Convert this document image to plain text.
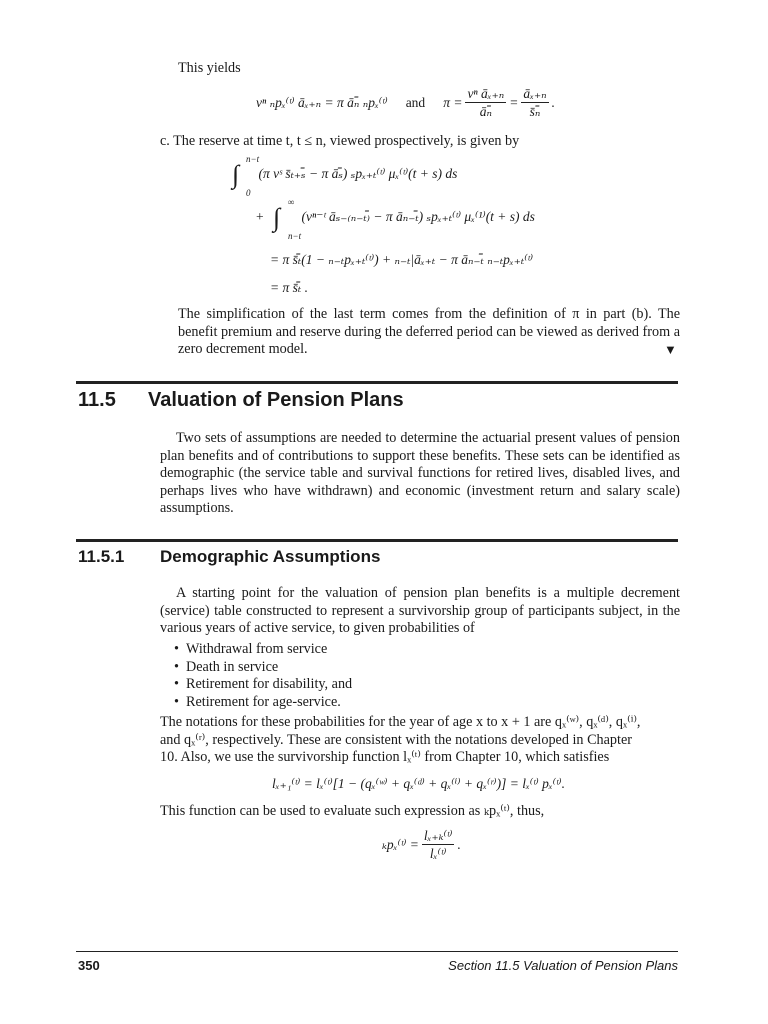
This yields
vⁿ ₙpₓ⁽ᵗ⁾ āₓ₊ₙ = π āₙ̄ ₙpₓ⁽ᵗ⁾ and $\pi = \frac{\text{vⁿ āₓ₊ₙ}}{\text{āₙ̄}} = \frac{\text{āₓ₊ₙ}}{\text{s̄ₙ̄}}$ .
c. The reserve at time t, t ≤ n, viewed prospectively, is given by
∫
n−t
0
(π vˢ s̄ₜ₊ₛ̄ − π āₛ̄) ₛpₓ₊ₜ⁽ᵗ⁾ μₓ⁽ᵗ⁾(t + s) ds
+ ∫
∞
n−t
(vⁿ⁻ᵗ āₛ₋₍ₙ₋ₜ₎̄ − π āₙ₋ₜ̄) ₛpₓ₊ₜ⁽ᵗ⁾ μₓ⁽¹⁾(t + s) ds
= π s̄ₜ̄(1 − ₙ₋ₜpₓ₊ₜ⁽ᵗ⁾) + ₙ₋ₜ|āₓ₊ₜ − π āₙ₋ₜ̄ ₙ₋ₜpₓ₊ₜ⁽ᵗ⁾
= π s̄ₜ̄ .
The simplification of the last term comes from the definition of π in part (b). The benefit premium and reserve during the deferred period can be viewed as derived from a zero decrement model.	▼
11.5 Valuation of Pension Plans
Two sets of assumptions are needed to determine the actuarial present values of pension plan benefits and of contributions to support these benefits. These sets can be identified as demographic (the service table and survival functions for retired lives, disabled lives, and perhaps lives who have withdrawn) and economic (investment return and salary scale) assumptions.
11.5.1 Demographic Assumptions
A starting point for the valuation of pension plan benefits is a multiple decrement (service) table constructed to represent a survivorship group of participants subject, in the various years of active service, to given probabilities of
• Withdrawal from service
• Death in service
• Retirement for disability, and
• Retirement for age-service.
The notations for these probabilities for the year of age x to x + 1 are qₓ⁽ʷ⁾, qₓ⁽ᵈ⁾, qₓ⁽ⁱ⁾,
and qₓ⁽ʳ⁾, respectively. These are consistent with the notations developed in Chapter
10. Also, we use the survivorship function lₓ⁽ᵗ⁾ from Chapter 10, which satisfies
lₓ₊₁⁽ᵗ⁾ = lₓ⁽ᵗ⁾[1 − (qₓ⁽ʷ⁾ + qₓ⁽ᵈ⁾ + qₓ⁽ⁱ⁾ + qₓ⁽ʳ⁾)] = lₓ⁽ᵗ⁾ pₓ⁽ᵗ⁾.
This function can be used to evaluate such expression as ₖpₓ⁽ᵗ⁾, thus,
ₖpₓ⁽ᵗ⁾ = $\frac{\text{lₓ₊ₖ⁽ᵗ⁾}}{\text{lₓ⁽ᵗ⁾}}$ .
350	Section 11.5 Valuation of Pension Plans
